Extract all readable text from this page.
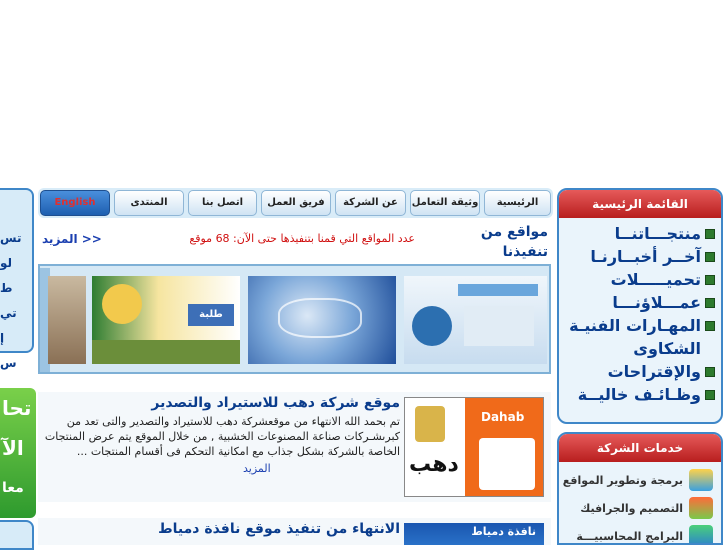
تس
لو
ط
تي
إ
س
تحا
الآ
معا
الرئيسية
وثيقة التعامل
عن الشركة
فريق العمل
اتصل بنا
المنتدى
English
مواقع من تنفيذنا
عدد المواقع التي قمنا بتنفيذها حتى الآن: 68 موقع
المزيد >>
طلبة
دهب
Dahab
موقع شركة دهب للاستيراد والتصدير
تم بحمد الله الانتهاء من موقعشركة دهب للاستيراد والتصدير والتى تعد من كبرىشـركات صناعة المصنوعات الخشبية , من خلال الموقع يتم عرض المنتجات الخاصة بالشركة بشكل جذاب مع امكانية التحكم فى أقسام المنتجات ...
المزيد
نافذة دمياط
الانتهاء من تنفيذ موقع نافذة دمياط
القائمة الرئيسية
منتجـــاتنــا
آخــر أخبــارنـا
تحميـــــلات
عمـــلاؤنـــا
المهـارات الفنيـة
الشكاوى
والإقتراحات
وظـائـف خاليــة
خدمات الشركة
برمجة وتطوير المواقع
التصميم والجرافيك
البرامج المحاسبيـــة
